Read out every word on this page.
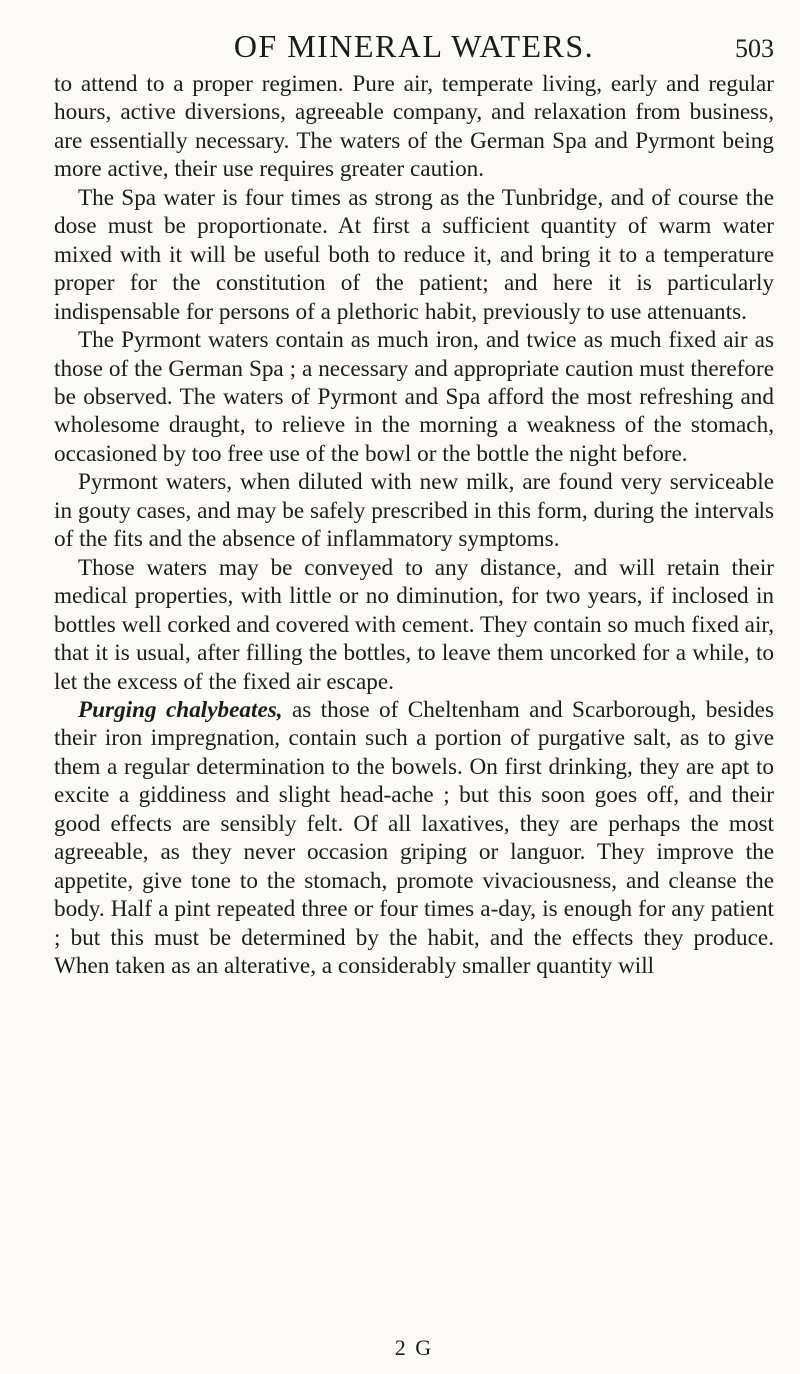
OF MINERAL WATERS.	503

to attend to a proper regimen. Pure air, temperate living, early and regular hours, active diversions, agreeable company, and relaxation from business, are essentially necessary. The waters of the German Spa and Pyrmont being more active, their use requires greater caution.

The Spa water is four times as strong as the Tunbridge, and of course the dose must be proportionate. At first a sufficient quantity of warm water mixed with it will be useful both to reduce it, and bring it to a temperature proper for the constitution of the patient; and here it is particularly indispensable for persons of a plethoric habit, previously to use attenuants.

The Pyrmont waters contain as much iron, and twice as much fixed air as those of the German Spa ; a necessary and appropriate caution must therefore be observed. The waters of Pyrmont and Spa afford the most refreshing and wholesome draught, to relieve in the morning a weakness of the stomach, occasioned by too free use of the bowl or the bottle the night before.

Pyrmont waters, when diluted with new milk, are found very serviceable in gouty cases, and may be safely prescribed in this form, during the intervals of the fits and the absence of inflammatory symptoms.

Those waters may be conveyed to any distance, and will retain their medical properties, with little or no diminution, for two years, if inclosed in bottles well corked and covered with cement. They contain so much fixed air, that it is usual, after filling the bottles, to leave them uncorked for a while, to let the excess of the fixed air escape.

Purging chalybeates, as those of Cheltenham and Scarborough, besides their iron impregnation, contain such a portion of purgative salt, as to give them a regular determination to the bowels. On first drinking, they are apt to excite a giddiness and slight head-ache ; but this soon goes off, and their good effects are sensibly felt. Of all laxatives, they are perhaps the most agreeable, as they never occasion griping or languor. They improve the appetite, give tone to the stomach, promote vivaciousness, and cleanse the body. Half a pint repeated three or four times a-day, is enough for any patient ; but this must be determined by the habit, and the effects they produce. When taken as an alterative, a considerably smaller quantity will

2 G
